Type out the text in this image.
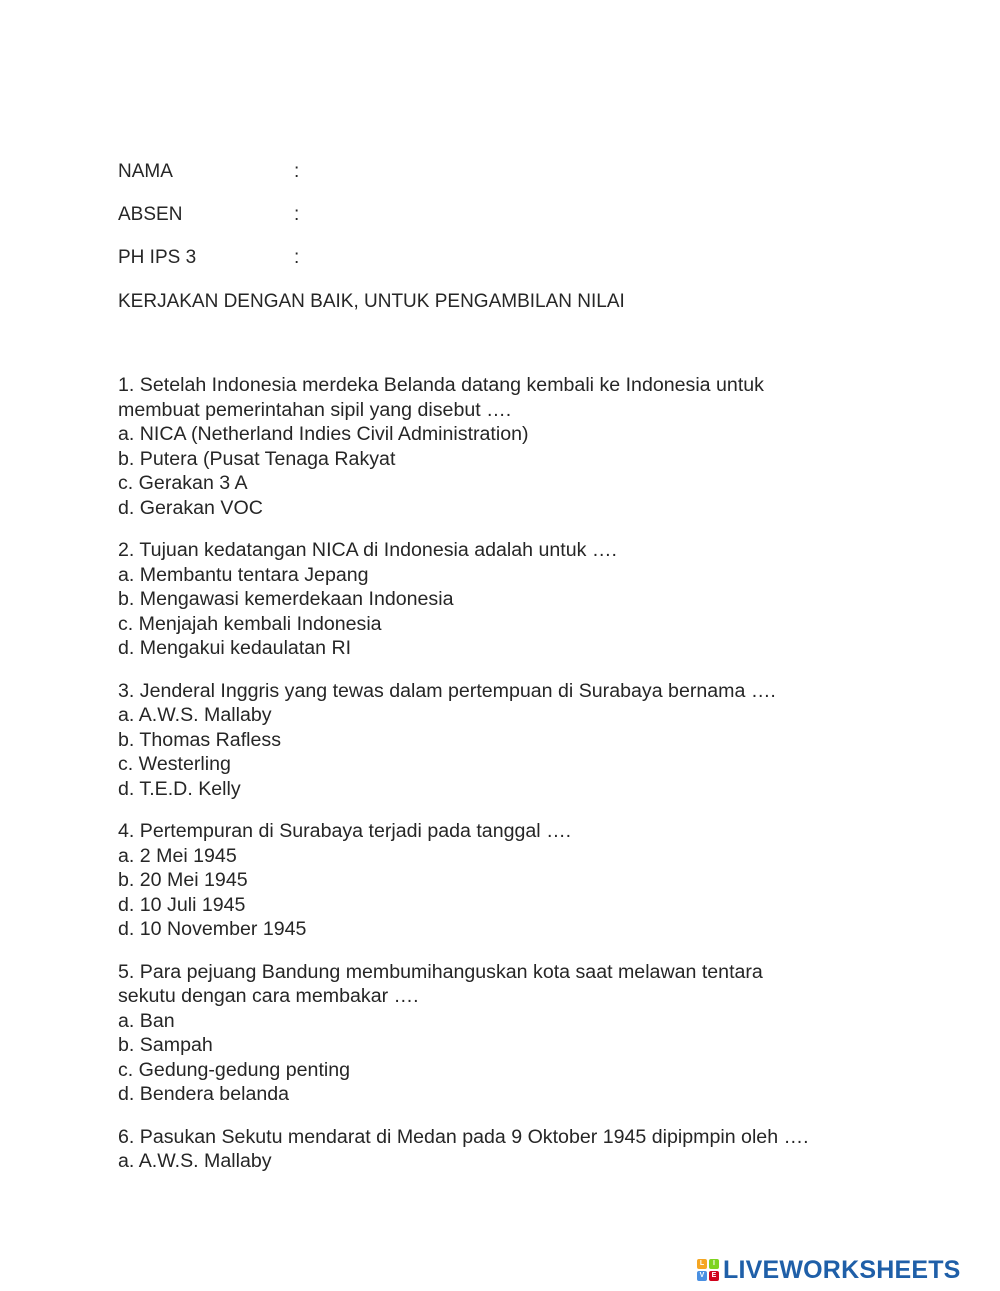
NAMA	:
ABSEN	:
PH IPS 3	:
KERJAKAN DENGAN BAIK, UNTUK PENGAMBILAN NILAI
1. Setelah Indonesia merdeka Belanda datang kembali ke Indonesia untuk
membuat pemerintahan sipil yang disebut ….
a. NICA (Netherland Indies Civil Administration)
b. Putera (Pusat Tenaga Rakyat
c. Gerakan 3 A
d. Gerakan VOC
2. Tujuan kedatangan NICA di Indonesia adalah untuk ….
a. Membantu tentara Jepang
b. Mengawasi kemerdekaan Indonesia
c. Menjajah kembali Indonesia
d. Mengakui kedaulatan RI
3. Jenderal Inggris yang tewas dalam pertempuan di Surabaya bernama ….
a. A.W.S. Mallaby
b. Thomas Rafless
c. Westerling
d. T.E.D. Kelly
4. Pertempuran di Surabaya terjadi pada tanggal ….
a. 2 Mei 1945
b. 20 Mei 1945
d. 10 Juli 1945
d. 10 November 1945
5. Para pejuang Bandung membumihanguskan kota saat melawan tentara
sekutu dengan cara membakar ….
a. Ban
b. Sampah
c. Gedung-gedung penting
d. Bendera belanda
6. Pasukan Sekutu mendarat di Medan pada 9 Oktober 1945 dipipmpin oleh ….
a. A.W.S. Mallaby
L	I
V	E LIVEWORKSHEETS
